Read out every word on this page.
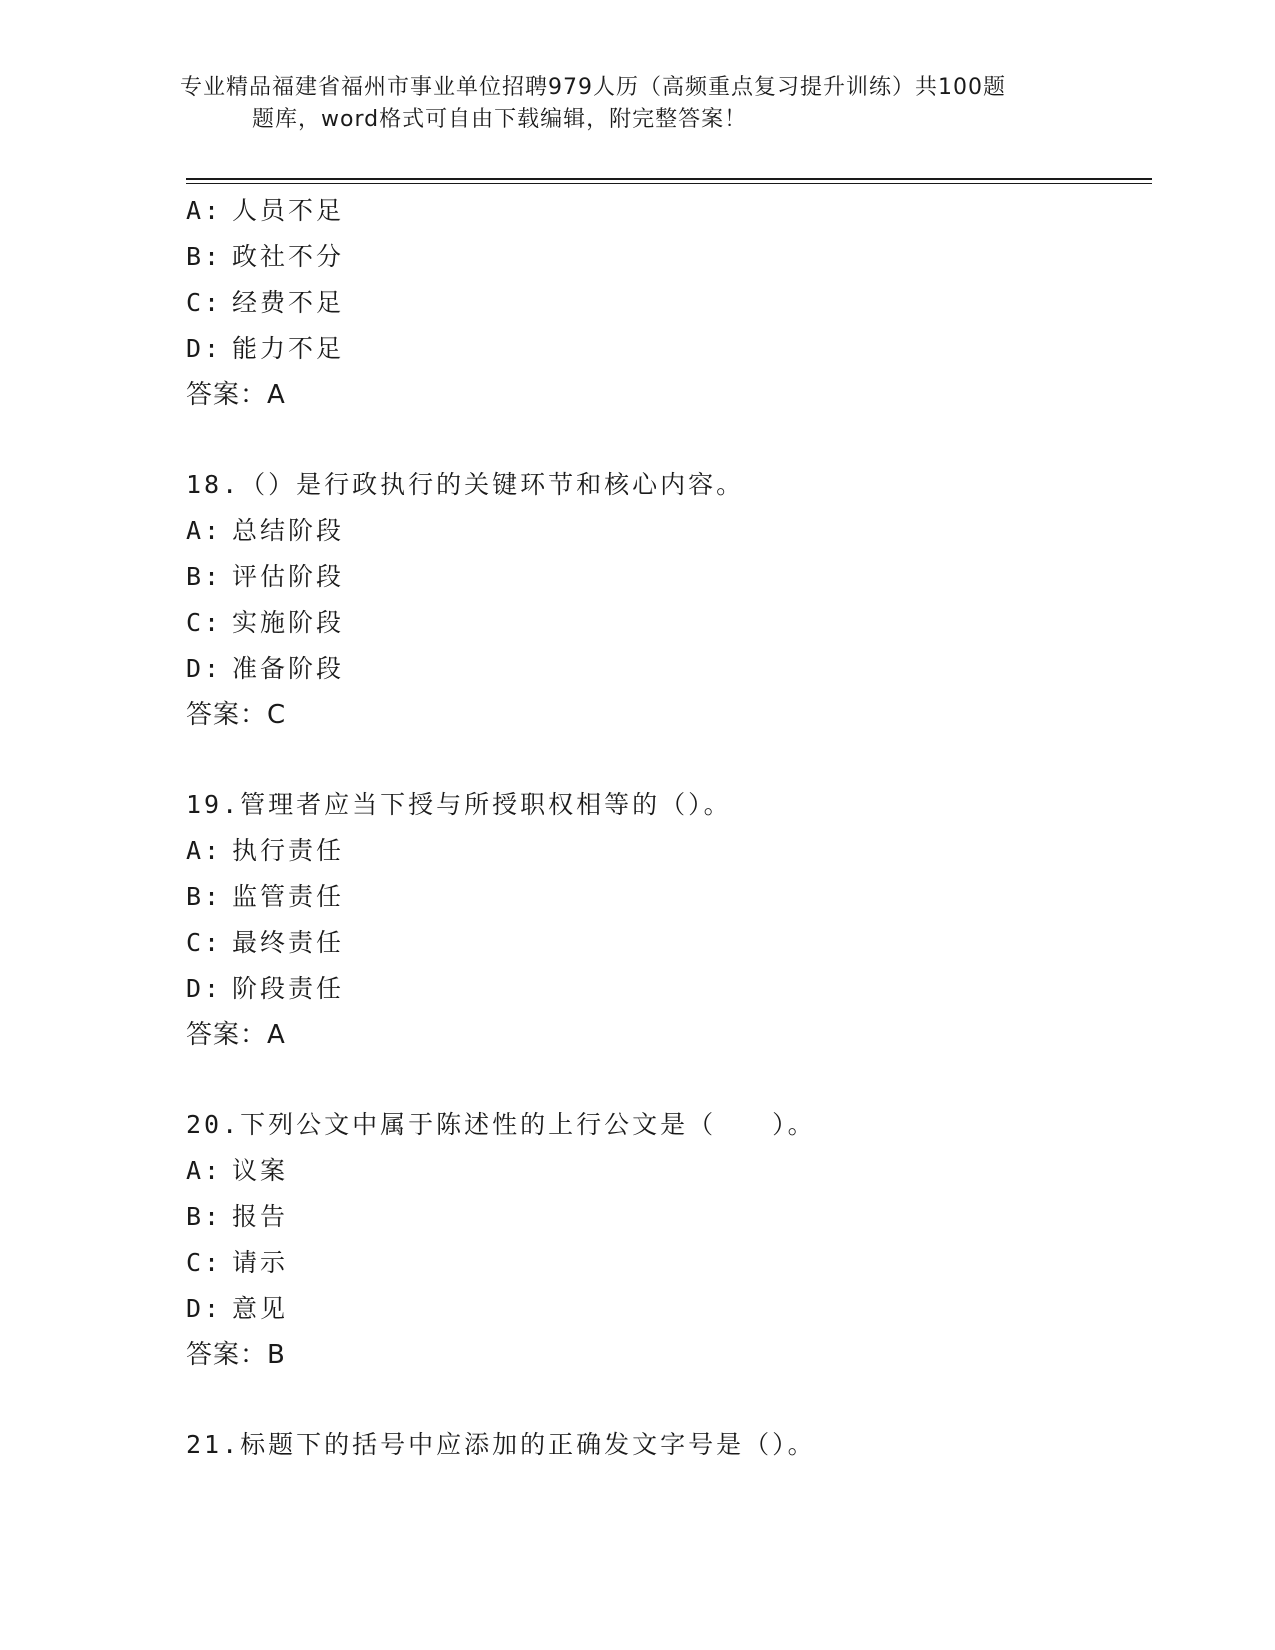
专业精品福建省福州市事业单位招聘979人历（高频重点复习提升训练）共100题
题库，word格式可自由下载编辑，附完整答案！
A: 人员不足
B: 政社不分
C: 经费不足
D: 能力不足
答案：A
18.（）是行政执行的关键环节和核心内容。
A: 总结阶段
B: 评估阶段
C: 实施阶段
D: 准备阶段
答案：C
19.管理者应当下授与所授职权相等的（）。
A: 执行责任
B: 监管责任
C: 最终责任
D: 阶段责任
答案：A
20.下列公文中属于陈述性的上行公文是（　　）。
A: 议案
B: 报告
C: 请示
D: 意见
答案：B
21.标题下的括号中应添加的正确发文字号是（）。
